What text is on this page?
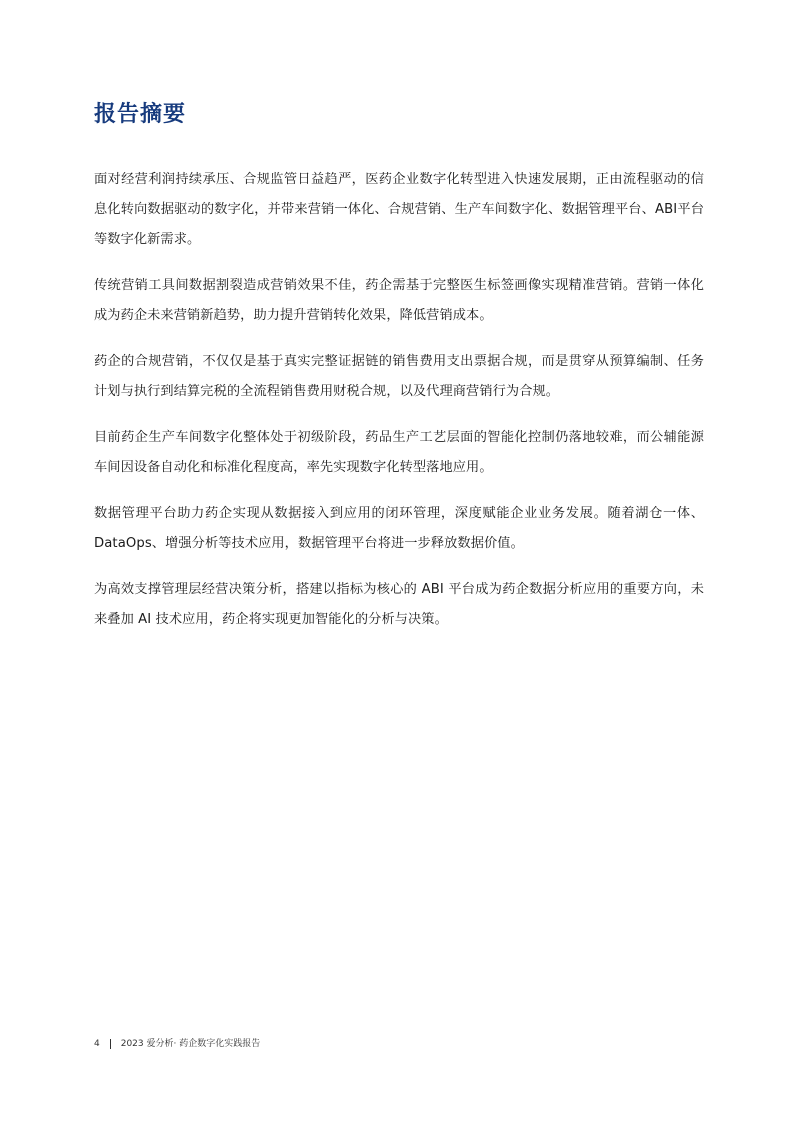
报告摘要

面对经营利润持续承压、合规监管日益趋严，医药企业数字化转型进入快速发展期，正由流程驱动的信息化转向数据驱动的数字化，并带来营销一体化、合规营销、生产车间数字化、数据管理平台、ABI平台等数字化新需求。

传统营销工具间数据割裂造成营销效果不佳，药企需基于完整医生标签画像实现精准营销。营销一体化成为药企未来营销新趋势，助力提升营销转化效果，降低营销成本。

药企的合规营销，不仅仅是基于真实完整证据链的销售费用支出票据合规，而是贯穿从预算编制、任务计划与执行到结算完税的全流程销售费用财税合规，以及代理商营销行为合规。

目前药企生产车间数字化整体处于初级阶段，药品生产工艺层面的智能化控制仍落地较难，而公辅能源车间因设备自动化和标准化程度高，率先实现数字化转型落地应用。

数据管理平台助力药企实现从数据接入到应用的闭环管理，深度赋能企业业务发展。随着湖仓一体、DataOps、增强分析等技术应用，数据管理平台将进一步释放数据价值。

为高效支撑管理层经营决策分析，搭建以指标为核心的 ABI 平台成为药企数据分析应用的重要方向，未来叠加 AI 技术应用，药企将实现更加智能化的分析与决策。

4 2023 爱分析· 药企数字化实践报告
